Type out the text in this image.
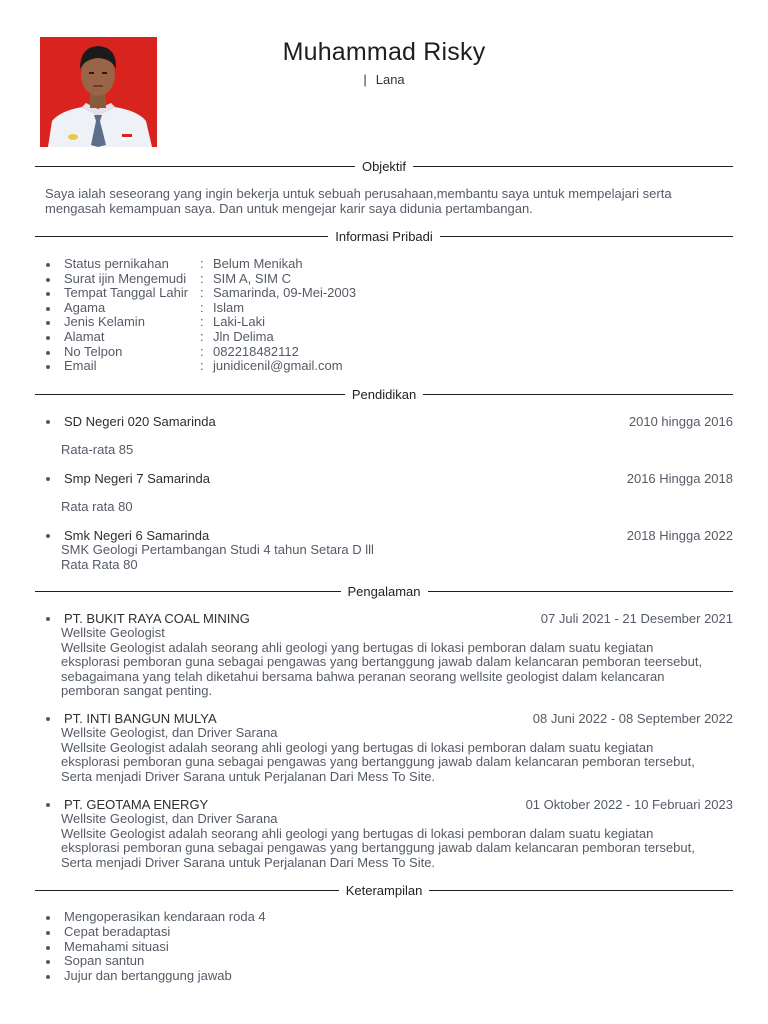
Muhammad Risky
| Lana
Objektif
Saya ialah seseorang yang ingin bekerja untuk sebuah perusahaan,membantu saya untuk mempelajari serta
mengasah kemampuan saya. Dan untuk mengejar karir saya didunia pertambangan.
Informasi Pribadi
Status pernikahan	: Belum Menikah
Surat ijin Mengemudi	: SIM A, SIM C
Tempat Tanggal Lahir : Samarinda, 09-Mei-2003
Agama	: Islam
Jenis Kelamin	: Laki-Laki
Alamat	: Jln Delima
No Telpon	: 082218482112
Email	: junidicenil@gmail.com
Pendidikan
SD Negeri 020 Samarinda	2010 hingga 2016
Rata-rata 85
Smp Negeri 7 Samarinda	2016 Hingga 2018
Rata rata 80
Smk Negeri 6 Samarinda	2018 Hingga 2022
SMK Geologi Pertambangan Studi 4 tahun Setara D lll
Rata Rata 80
Pengalaman
PT. BUKIT RAYA COAL MINING	07 Juli 2021 - 21 Desember 2021
Wellsite Geologist
Wellsite Geologist adalah seorang ahli geologi yang bertugas di lokasi pemboran dalam suatu kegiatan
eksplorasi pemboran guna sebagai pengawas yang bertanggung jawab dalam kelancaran pemboran teersebut,
sebagaimana yang telah diketahui bersama bahwa peranan seorang wellsite geologist dalam kelancaran
pemboran sangat penting.
PT. INTI BANGUN MULYA	08 Juni 2022 - 08 September 2022
Wellsite Geologist, dan Driver Sarana
Wellsite Geologist adalah seorang ahli geologi yang bertugas di lokasi pemboran dalam suatu kegiatan
eksplorasi pemboran guna sebagai pengawas yang bertanggung jawab dalam kelancaran pemboran tersebut,
Serta menjadi Driver Sarana untuk Perjalanan Dari Mess To Site.
PT. GEOTAMA ENERGY	01 Oktober 2022 - 10 Februari 2023
Wellsite Geologist, dan Driver Sarana
Wellsite Geologist adalah seorang ahli geologi yang bertugas di lokasi pemboran dalam suatu kegiatan
eksplorasi pemboran guna sebagai pengawas yang bertanggung jawab dalam kelancaran pemboran tersebut,
Serta menjadi Driver Sarana untuk Perjalanan Dari Mess To Site.
Keterampilan
Mengoperasikan kendaraan roda 4
Cepat beradaptasi
Memahami situasi
Sopan santun
Jujur dan bertanggung jawab
